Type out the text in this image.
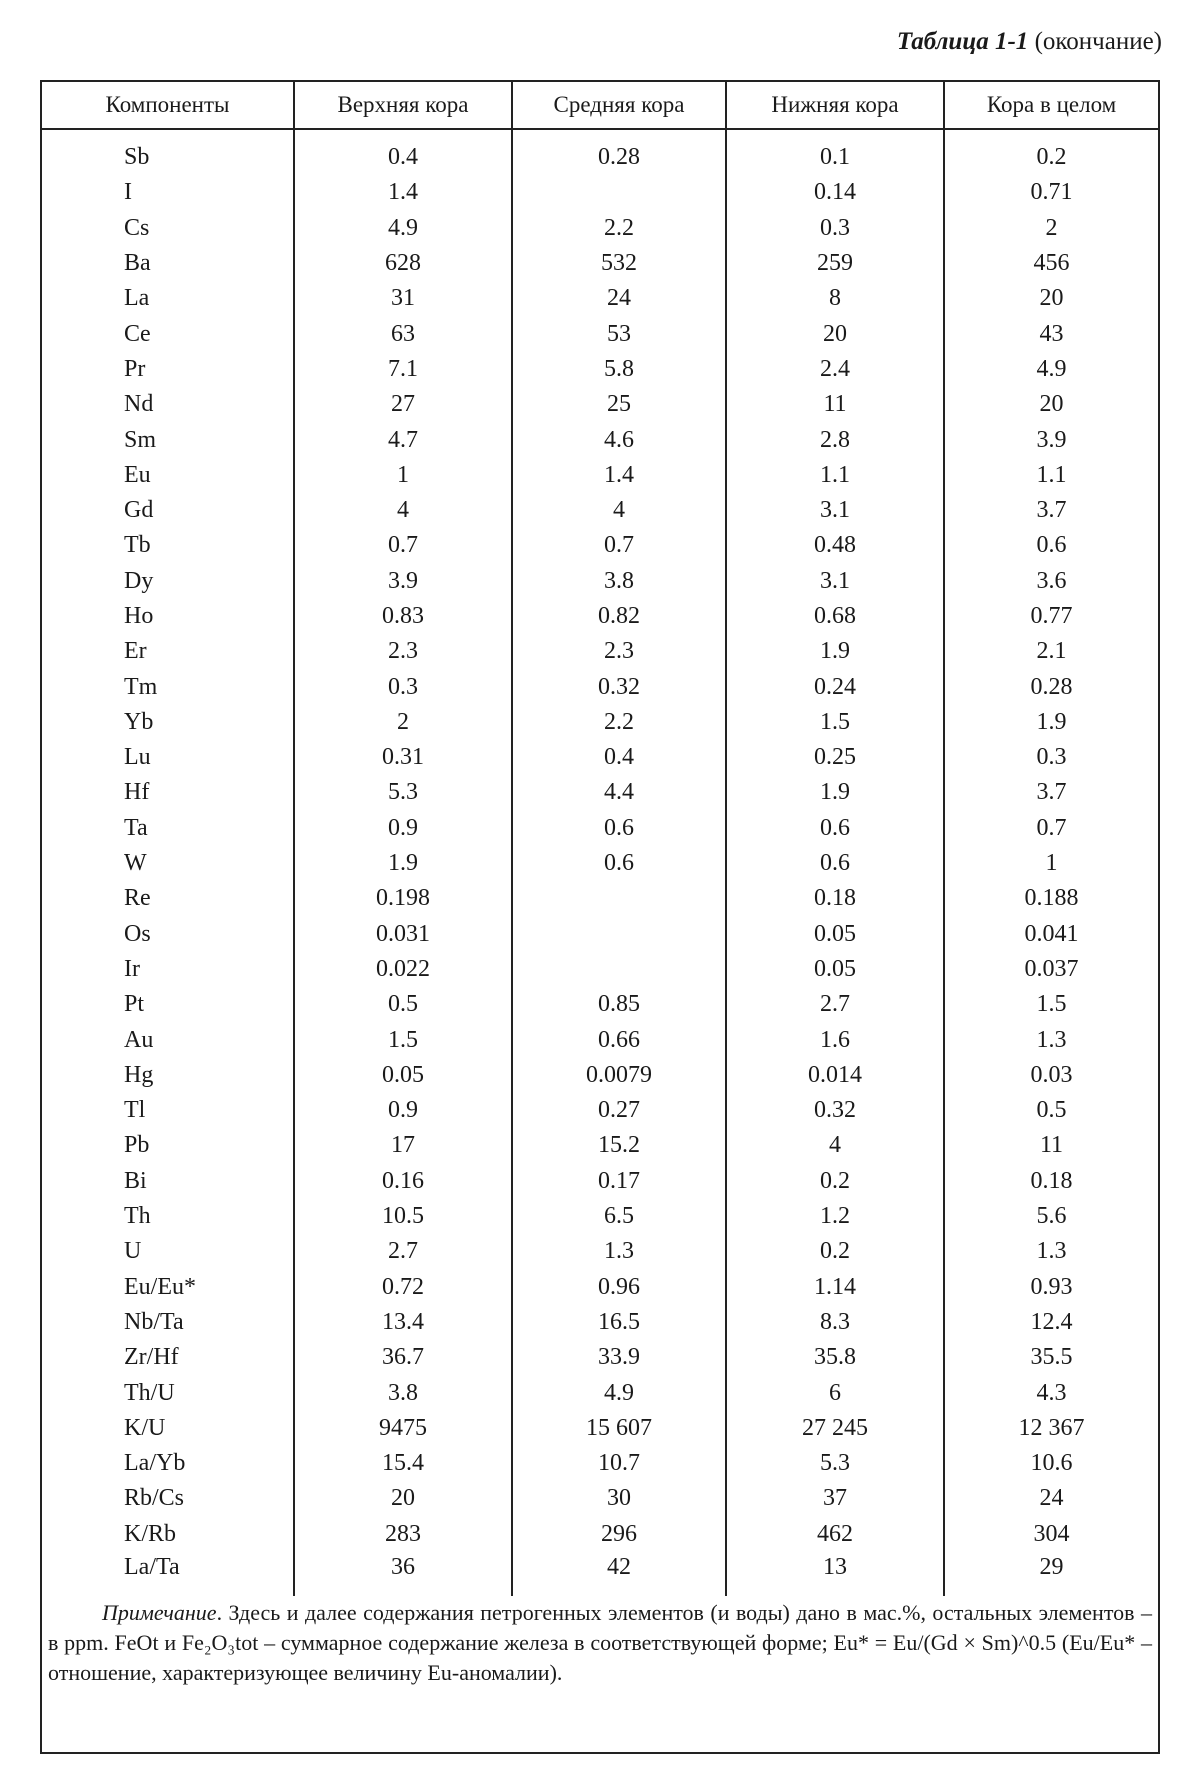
Таблица 1-1 (окончание)
Компоненты	Верхняя кора	Средняя кора	Нижняя кора	Кора в целом
Sb	0.4	0.28	0.1	0.2
I	1.4		0.14	0.71
Cs	4.9	2.2	0.3	2
Ba	628	532	259	456
La	31	24	8	20
Ce	63	53	20	43
Pr	7.1	5.8	2.4	4.9
Nd	27	25	11	20
Sm	4.7	4.6	2.8	3.9
Eu	1	1.4	1.1	1.1
Gd	4	4	3.1	3.7
Tb	0.7	0.7	0.48	0.6
Dy	3.9	3.8	3.1	3.6
Ho	0.83	0.82	0.68	0.77
Er	2.3	2.3	1.9	2.1
Tm	0.3	0.32	0.24	0.28
Yb	2	2.2	1.5	1.9
Lu	0.31	0.4	0.25	0.3
Hf	5.3	4.4	1.9	3.7
Ta	0.9	0.6	0.6	0.7
W	1.9	0.6	0.6	1
Re	0.198		0.18	0.188
Os	0.031		0.05	0.041
Ir	0.022		0.05	0.037
Pt	0.5	0.85	2.7	1.5
Au	1.5	0.66	1.6	1.3
Hg	0.05	0.0079	0.014	0.03
Tl	0.9	0.27	0.32	0.5
Pb	17	15.2	4	11
Bi	0.16	0.17	0.2	0.18
Th	10.5	6.5	1.2	5.6
U	2.7	1.3	0.2	1.3
Eu/Eu*	0.72	0.96	1.14	0.93
Nb/Ta	13.4	16.5	8.3	12.4
Zr/Hf	36.7	33.9	35.8	35.5
Th/U	3.8	4.9	6	4.3
K/U	9475	15 607	27 245	12 367
La/Yb	15.4	10.7	5.3	10.6
Rb/Cs	20	30	37	24
K/Rb	283	296	462	304
La/Ta	36	42	13	29
Примечание. Здесь и далее содержания петрогенных элементов (и воды) дано в мас.%, остальных элементов – в ppm. FeOt и Fe₂O₃tot – суммарное содержание железа в соответствующей форме; Eu* = Eu/(Gd × Sm)^0.5 (Eu/Eu* – отношение, характеризующее величину Eu-аномалии).
